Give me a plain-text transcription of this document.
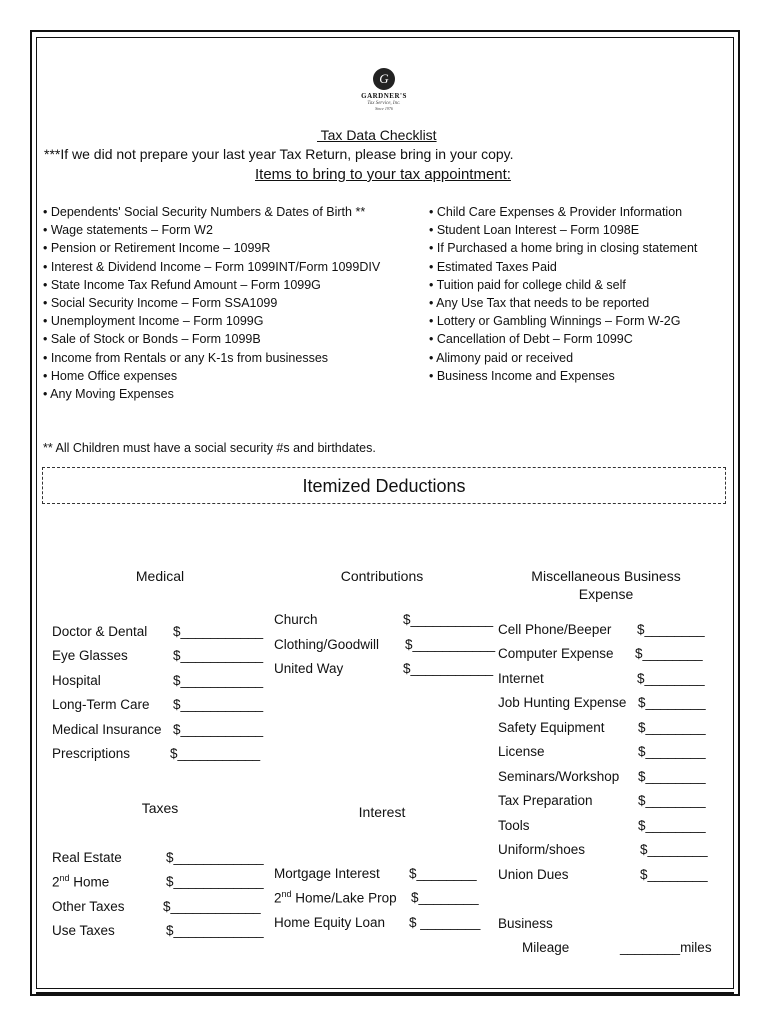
G
GARDNER'S
Tax Service, Inc.
Since 1976
Tax Data Checklist
***If we did not prepare your last year Tax Return, please bring in your copy.
Items to bring to your tax appointment:
• Dependents' Social Security Numbers & Dates of Birth **
• Wage statements – Form W2
• Pension or Retirement Income – 1099R
• Interest & Dividend Income – Form 1099INT/Form 1099DIV
• State Income Tax Refund Amount – Form 1099G
• Social Security Income – Form SSA1099
• Unemployment Income – Form 1099G
• Sale of Stock or Bonds – Form 1099B
• Income from Rentals or any K-1s from businesses
• Home Office expenses
• Any Moving Expenses
• Child Care Expenses & Provider Information
• Student Loan Interest – Form 1098E
• If Purchased a home bring in closing statement
• Estimated Taxes Paid
• Tuition paid for college child & self
• Any Use Tax that needs to be reported
• Lottery or Gambling Winnings – Form W-2G
• Cancellation of Debt – Form 1099C
• Alimony paid or received
• Business Income and Expenses
** All Children must have a social security #s and birthdates.
Itemized Deductions
Medical
Doctor & Dental $___________
Eye Glasses	$___________
Hospital	$___________
Long-Term Care $___________
Medical Insurance $___________
Prescriptions	$___________
Contributions
Church	$___________
Clothing/Goodwill $___________
United Way	$___________
Miscellaneous Business
Expense
Cell Phone/Beeper $________
Computer Expense $________
Internet	$________
Job Hunting Expense $________
Safety Equipment $________
License	$________
Seminars/Workshop $________
Tax Preparation	$________
Tools	$________
Uniform/shoes	$________
Union Dues	$________
Business
Mileage	________miles
Taxes
Real Estate	$____________
2nd Home	$____________
Other Taxes	$____________
Use Taxes	$____________
Interest
Mortgage Interest $________
2nd Home/Lake Prop $________
Home Equity Loan $ ________
